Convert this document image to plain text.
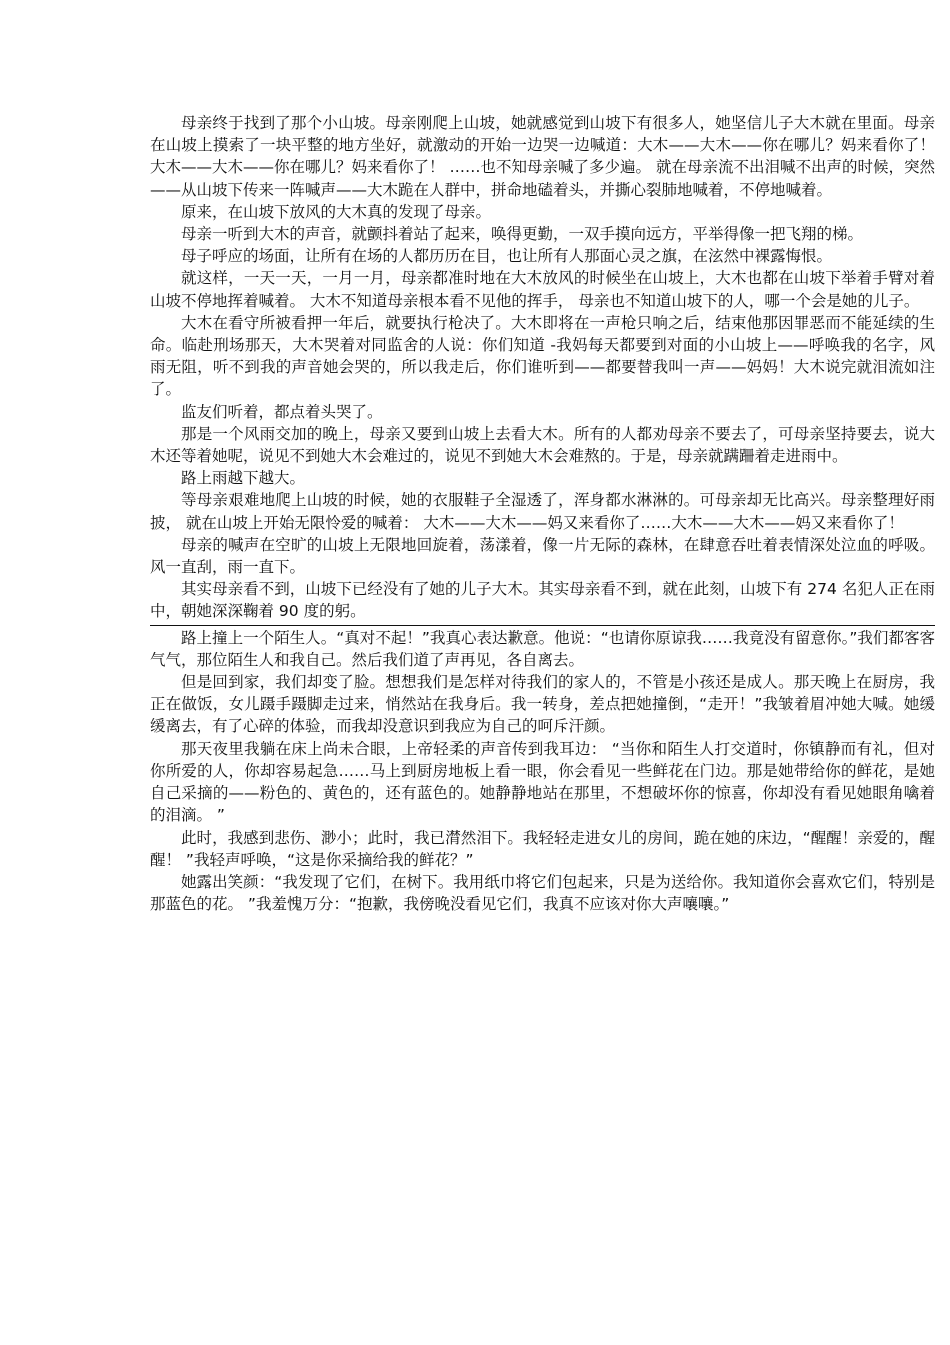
母亲终于找到了那个小山坡。母亲刚爬上山坡，她就感觉到山坡下有很多人，她坚信儿子大木就在里面。母亲在山坡上摸索了一块平整的地方坐好，就激动的开始一边哭一边喊道：大木——大木——你在哪儿？妈来看你了！大木——大木——你在哪儿？妈来看你了！ ……也不知母亲喊了多少遍。 就在母亲流不出泪喊不出声的时候，突然——从山坡下传来一阵喊声——大木跪在人群中，拼命地磕着头，并撕心裂肺地喊着，不停地喊着。

原来，在山坡下放风的大木真的发现了母亲。

母亲一听到大木的声音，就颤抖着站了起来，唤得更勤，一双手摸向远方，平举得像一把飞翔的梯。

母子呼应的场面，让所有在场的人都历历在目，也让所有人那面心灵之旗，在泫然中裸露悔恨。

就这样，一天一天，一月一月，母亲都准时地在大木放风的时候坐在山坡上，大木也都在山坡下举着手臂对着山坡不停地挥着喊着。 大木不知道母亲根本看不见他的挥手， 母亲也不知道山坡下的人，哪一个会是她的儿子。

大木在看守所被看押一年后，就要执行枪决了。大木即将在一声枪只响之后，结束他那因罪恶而不能延续的生命。临赴刑场那天，大木哭着对同监舍的人说：你们知道 -我妈每天都要到对面的小山坡上——呼唤我的名字，风雨无阻，听不到我的声音她会哭的，所以我走后，你们谁听到——都要替我叫一声——妈妈！大木说完就泪流如注了。

监友们听着，都点着头哭了。

那是一个风雨交加的晚上，母亲又要到山坡上去看大木。所有的人都劝母亲不要去了，可母亲坚持要去，说大木还等着她呢，说见不到她大木会难过的，说见不到她大木会难熬的。于是，母亲就蹒跚着走进雨中。

路上雨越下越大。

等母亲艰难地爬上山坡的时候，她的衣服鞋子全湿透了，浑身都水淋淋的。可母亲却无比高兴。母亲整理好雨披， 就在山坡上开始无限怜爱的喊着： 大木——大木——妈又来看你了……大木——大木——妈又来看你了！

母亲的喊声在空旷的山坡上无限地回旋着，荡漾着，像一片无际的森林，在肆意吞吐着表情深处泣血的呼吸。风一直刮，雨一直下。

其实母亲看不到，山坡下已经没有了她的儿子大木。其实母亲看不到，就在此刻，山坡下有 274 名犯人正在雨中，朝她深深鞠着 90 度的躬。

路上撞上一个陌生人。“真对不起！”我真心表达歉意。他说：“也请你原谅我……我竟没有留意你。”我们都客客气气，那位陌生人和我自己。然后我们道了声再见，各自离去。

但是回到家，我们却变了脸。想想我们是怎样对待我们的家人的，不管是小孩还是成人。那天晚上在厨房，我正在做饭，女儿蹑手蹑脚走过来，悄然站在我身后。我一转身，差点把她撞倒，“走开！”我皱着眉冲她大喊。她缓缓离去，有了心碎的体验，而我却没意识到我应为自己的呵斥汗颜。

那天夜里我躺在床上尚未合眼，上帝轻柔的声音传到我耳边： “当你和陌生人打交道时，你镇静而有礼，但对你所爱的人，你却容易起急……马上到厨房地板上看一眼，你会看见一些鲜花在门边。那是她带给你的鲜花，是她自己采摘的——粉色的、黄色的，还有蓝色的。她静静地站在那里，不想破坏你的惊喜，你却没有看见她眼角噙着的泪滴。 ”

此时，我感到悲伤、渺小；此时，我已潸然泪下。我轻轻走进女儿的房间，跪在她的床边，“醒醒！亲爱的，醒醒！ ”我轻声呼唤，“这是你采摘给我的鲜花？”

她露出笑颜：“我发现了它们，在树下。我用纸巾将它们包起来，只是为送给你。我知道你会喜欢它们，特别是那蓝色的花。 ”我羞愧万分：“抱歉，我傍晚没看见它们，我真不应该对你大声嚷嚷。”
